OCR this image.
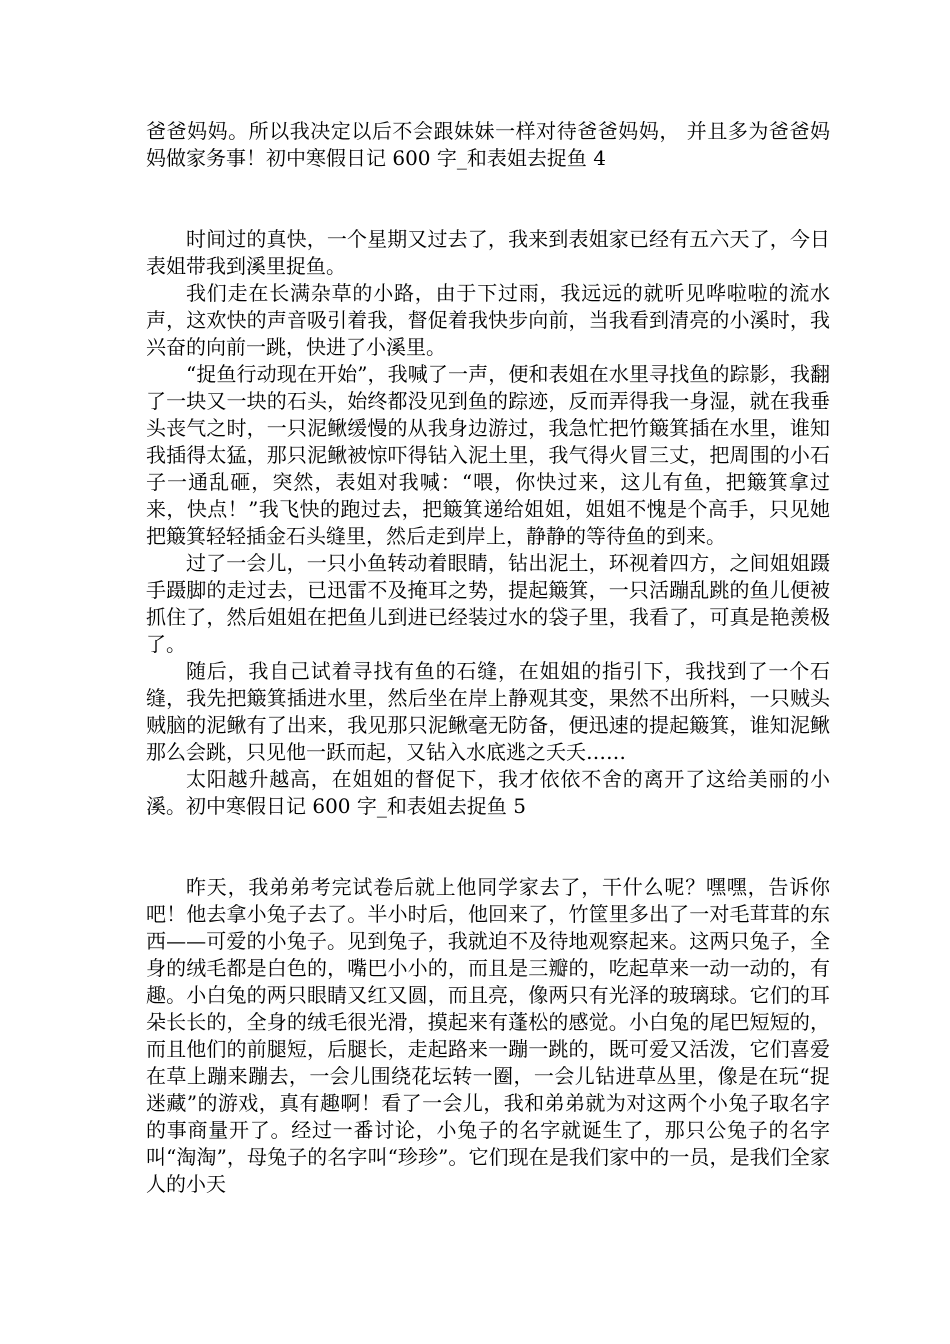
爸爸妈妈。所以我决定以后不会跟妹妹一样对待爸爸妈妈， 并且多为爸爸妈妈做家务事！初中寒假日记 600 字_和表姐去捉鱼 4

时间过的真快，一个星期又过去了，我来到表姐家已经有五六天了，今日表姐带我到溪里捉鱼。

我们走在长满杂草的小路，由于下过雨，我远远的就听见哗啦啦的流水声，这欢快的声音吸引着我，督促着我快步向前，当我看到清亮的小溪时，我兴奋的向前一跳，快进了小溪里。

“捉鱼行动现在开始”，我喊了一声，便和表姐在水里寻找鱼的踪影，我翻了一块又一块的石头，始终都没见到鱼的踪迹，反而弄得我一身湿，就在我垂头丧气之时，一只泥鳅缓慢的从我身边游过，我急忙把竹簸箕插在水里，谁知我插得太猛，那只泥鳅被惊吓得钻入泥土里，我气得火冒三丈，把周围的小石子一通乱砸，突然，表姐对我喊：“喂，你快过来，这儿有鱼，把簸箕拿过来，快点！”我飞快的跑过去，把簸箕递给姐姐，姐姐不愧是个高手，只见她把簸箕轻轻插金石头缝里，然后走到岸上，静静的等待鱼的到来。

过了一会儿，一只小鱼转动着眼睛，钻出泥土，环视着四方，之间姐姐蹑手蹑脚的走过去，已迅雷不及掩耳之势，提起簸箕，一只活蹦乱跳的鱼儿便被抓住了，然后姐姐在把鱼儿到进已经装过水的袋子里，我看了，可真是艳羡极了。

随后，我自己试着寻找有鱼的石缝，在姐姐的指引下，我找到了一个石缝，我先把簸箕插进水里，然后坐在岸上静观其变，果然不出所料，一只贼头贼脑的泥鳅有了出来，我见那只泥鳅毫无防备，便迅速的提起簸箕，谁知泥鳅那么会跳，只见他一跃而起，又钻入水底逃之夭夭……

太阳越升越高，在姐姐的督促下，我才依依不舍的离开了这给美丽的小溪。初中寒假日记 600 字_和表姐去捉鱼 5

昨天，我弟弟考完试卷后就上他同学家去了，干什么呢？嘿嘿，告诉你吧！他去拿小兔子去了。半小时后，他回来了，竹筐里多出了一对毛茸茸的东西——可爱的小兔子。见到兔子，我就迫不及待地观察起来。这两只兔子，全身的绒毛都是白色的，嘴巴小小的，而且是三瓣的，吃起草来一动一动的，有趣。小白兔的两只眼睛又红又圆，而且亮，像两只有光泽的玻璃球。它们的耳朵长长的，全身的绒毛很光滑，摸起来有蓬松的感觉。小白兔的尾巴短短的，而且他们的前腿短，后腿长，走起路来一蹦一跳的，既可爱又活泼，它们喜爱在草上蹦来蹦去，一会儿围绕花坛转一圈，一会儿钻进草丛里，像是在玩“捉迷藏”的游戏，真有趣啊！看了一会儿，我和弟弟就为对这两个小兔子取名字的事商量开了。经过一番讨论，小兔子的名字就诞生了，那只公兔子的名字叫“淘淘”，母兔子的名字叫“珍珍”。它们现在是我们家中的一员，是我们全家人的小天
